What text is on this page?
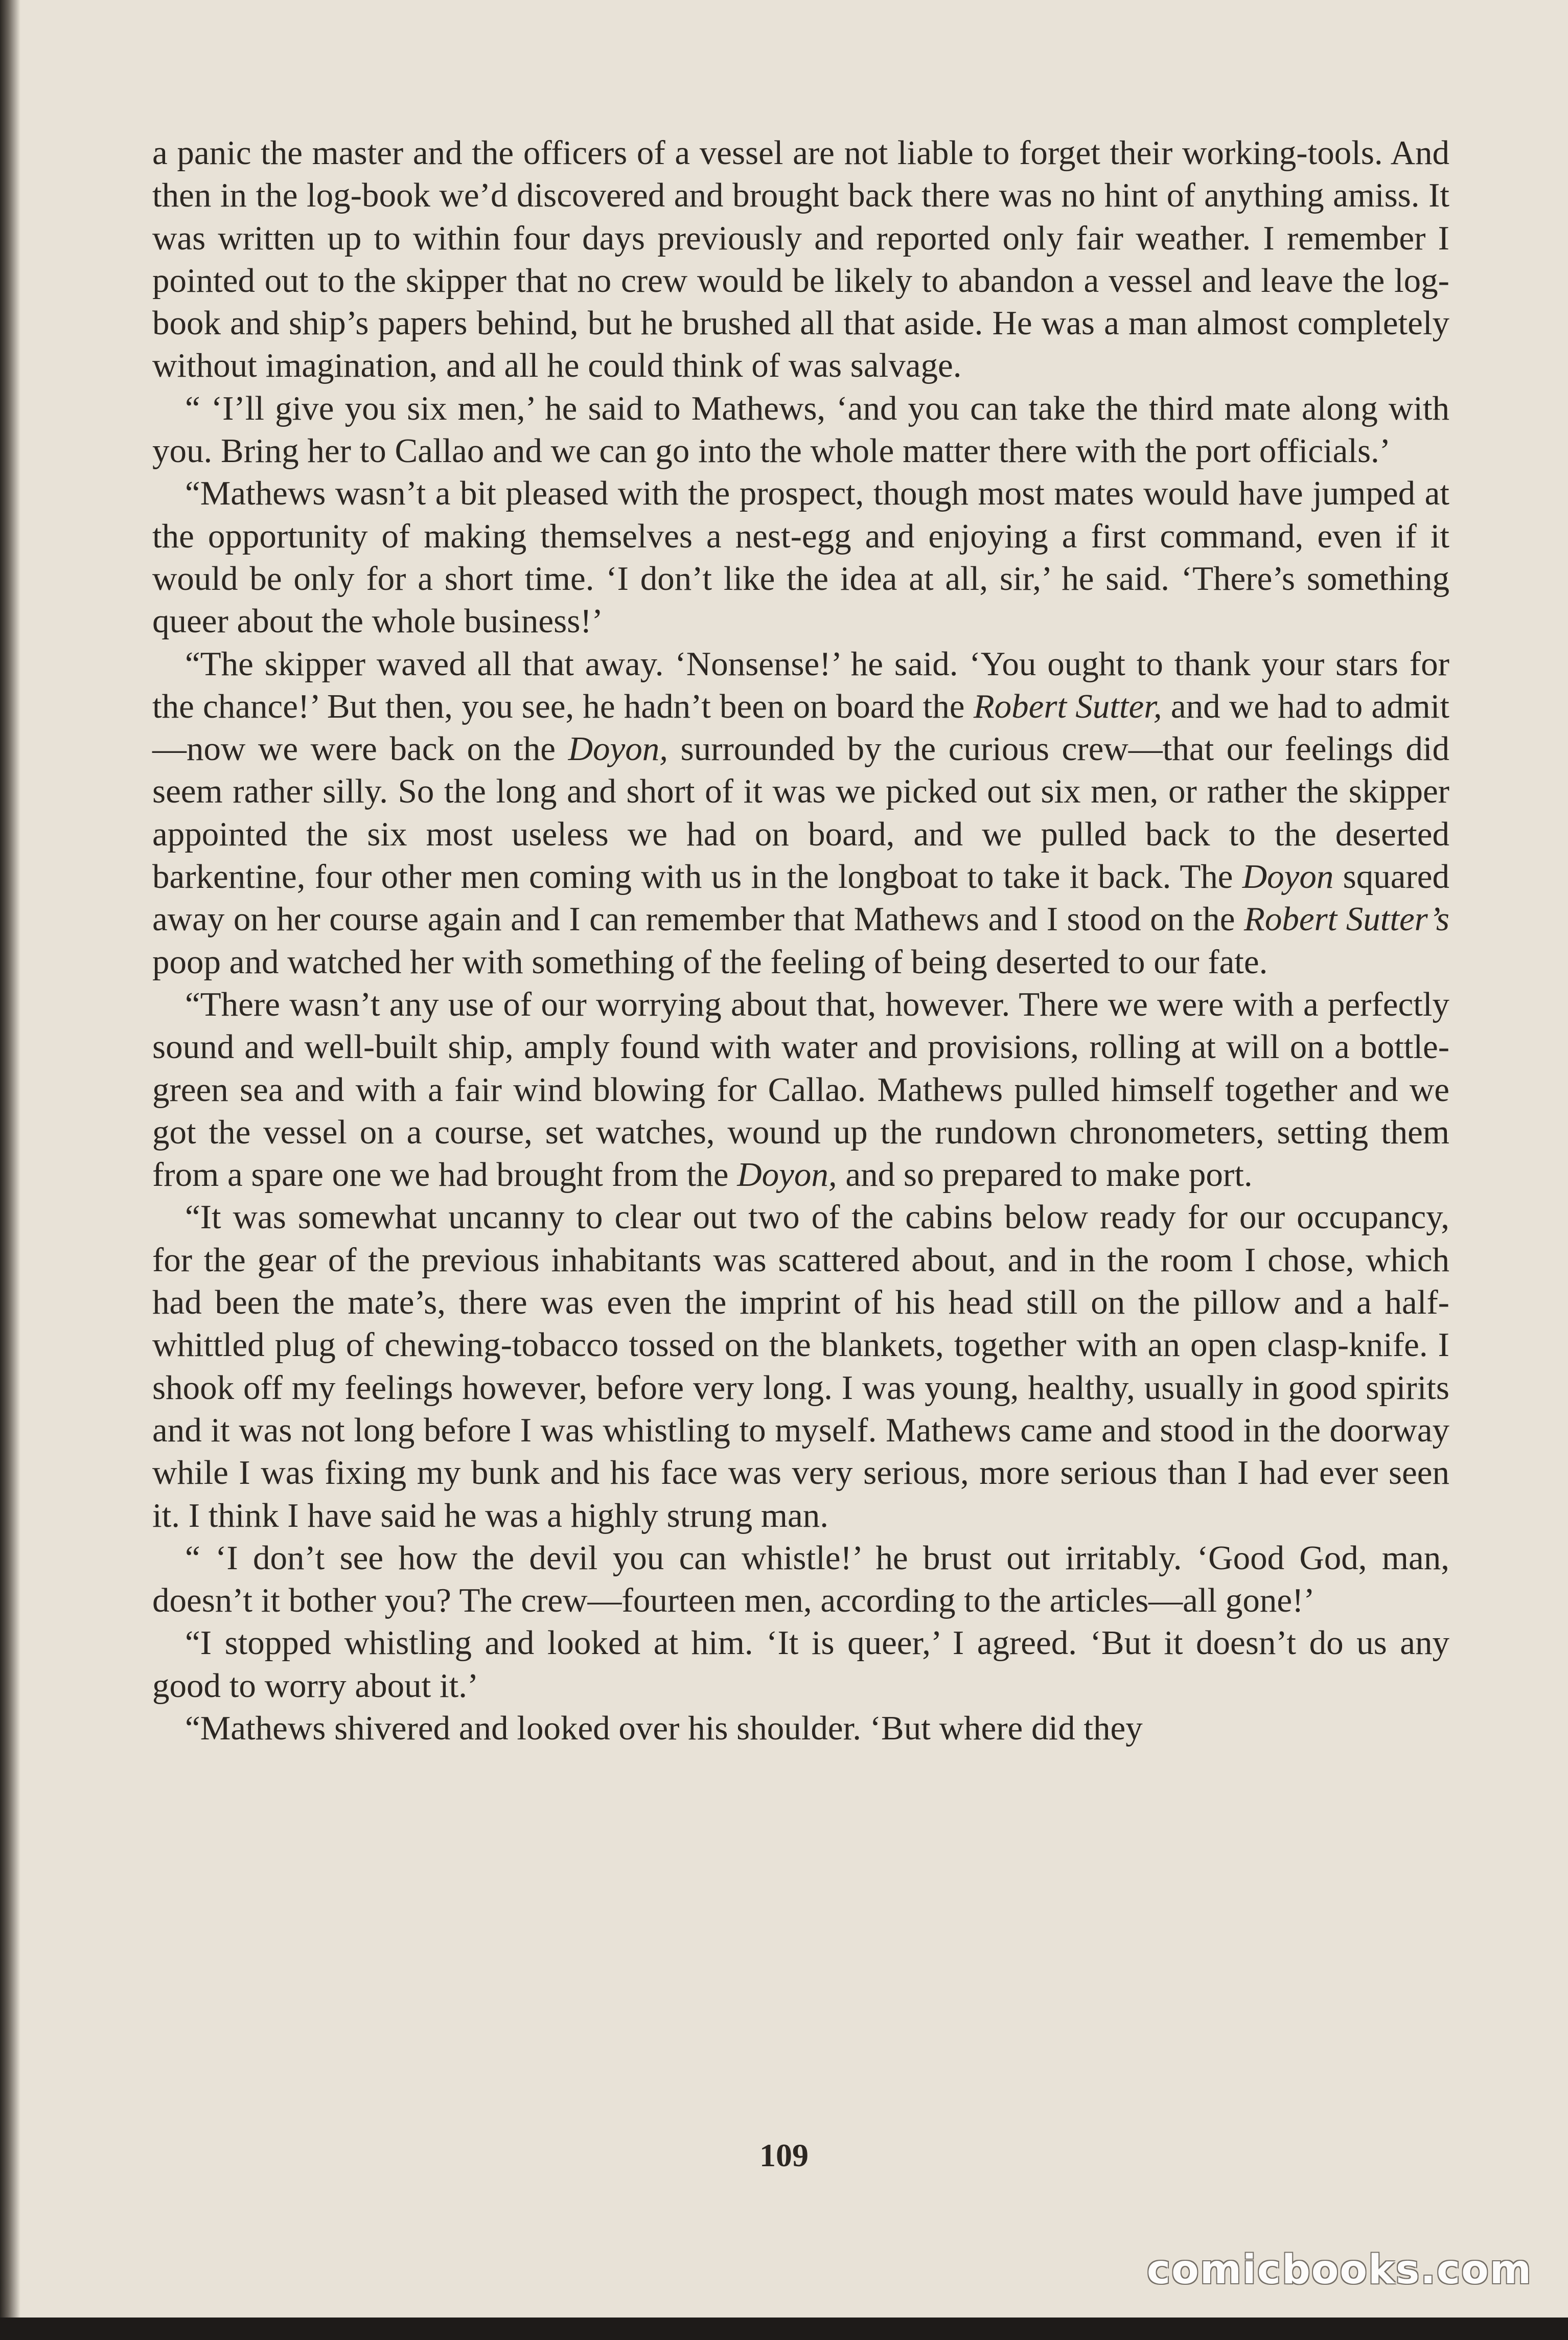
a panic the master and the officers of a vessel are not liable to forget their working-tools. And then in the log-book we’d discovered and brought back there was no hint of anything amiss. It was written up to within four days previously and reported only fair weather. I remember I pointed out to the skipper that no crew would be likely to abandon a vessel and leave the log-book and ship’s papers behind, but he brushed all that aside. He was a man almost completely without imagination, and all he could think of was salvage.

“ ‘I’ll give you six men,’ he said to Mathews, ‘and you can take the third mate along with you. Bring her to Callao and we can go into the whole matter there with the port officials.’

“Mathews wasn’t a bit pleased with the prospect, though most mates would have jumped at the opportunity of making themselves a nest-egg and enjoying a first command, even if it would be only for a short time. ‘I don’t like the idea at all, sir,’ he said. ‘There’s something queer about the whole business!’

“The skipper waved all that away. ‘Nonsense!’ he said. ‘You ought to thank your stars for the chance!’ But then, you see, he hadn’t been on board the Robert Sutter, and we had to admit—now we were back on the Doyon, surrounded by the curious crew—that our feelings did seem rather silly. So the long and short of it was we picked out six men, or rather the skipper appointed the six most useless we had on board, and we pulled back to the deserted barkentine, four other men coming with us in the longboat to take it back. The Doyon squared away on her course again and I can remember that Mathews and I stood on the Robert Sutter’s poop and watched her with something of the feeling of being deserted to our fate.

“There wasn’t any use of our worrying about that, however. There we were with a perfectly sound and well-built ship, amply found with water and provisions, rolling at will on a bottle-green sea and with a fair wind blowing for Callao. Mathews pulled himself together and we got the vessel on a course, set watches, wound up the rundown chronometers, setting them from a spare one we had brought from the Doyon, and so prepared to make port.

“It was somewhat uncanny to clear out two of the cabins below ready for our occupancy, for the gear of the previous inhabitants was scattered about, and in the room I chose, which had been the mate’s, there was even the imprint of his head still on the pillow and a half-whittled plug of chewing-tobacco tossed on the blankets, together with an open clasp-knife. I shook off my feelings however, before very long. I was young, healthy, usually in good spirits and it was not long before I was whistling to myself. Mathews came and stood in the doorway while I was fixing my bunk and his face was very serious, more serious than I had ever seen it. I think I have said he was a highly strung man.

“ ‘I don’t see how the devil you can whistle!’ he brust out irritably. ‘Good God, man, doesn’t it bother you? The crew—fourteen men, according to the articles—all gone!’

“I stopped whistling and looked at him. ‘It is queer,’ I agreed. ‘But it doesn’t do us any good to worry about it.’

“Mathews shivered and looked over his shoulder. ‘But where did they

109
comicbooks.com
